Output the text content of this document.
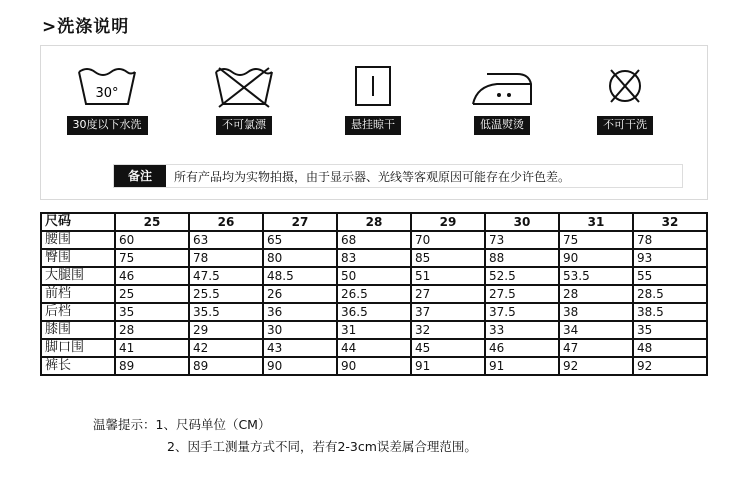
>洗涤说明
30°
30度以下水洗	不可氯漂	悬挂晾干	低温熨烫	不可干洗
备注	所有产品均为实物拍摄，由于显示器、光线等客观原因可能存在少许色差。
尺码	25	26	27	28	29	30	31	32
腰围	60	63	65	68	70	73	75	78
臀围	75	78	80	83	85	88	90	93
大腿围	46	47.5	48.5	50	51	52.5	53.5	55
前档	25	25.5	26	26.5	27	27.5	28	28.5
后档	35	35.5	36	36.5	37	37.5	38	38.5
膝围	28	29	30	31	32	33	34	35
脚口围	41	42	43	44	45	46	47	48
裤长	89	89	90	90	91	91	92	92
温馨提示：1、尺码单位（CM）
2、因手工测量方式不同，若有2-3cm误差属合理范围。
